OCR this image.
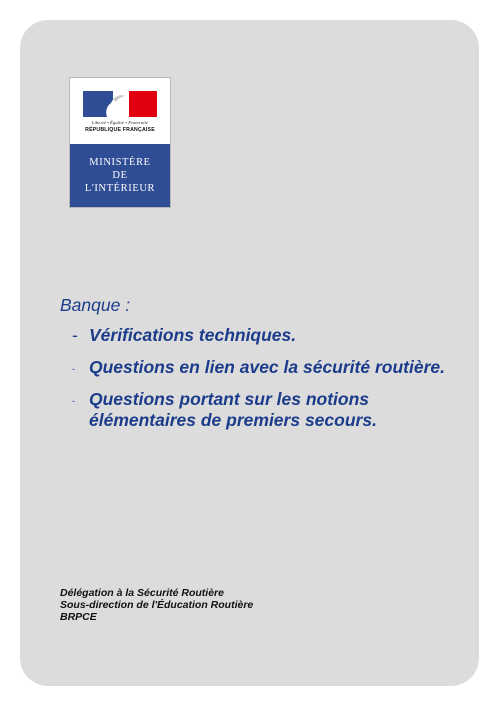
Liberté • Égalité • Fraternité
RÉPUBLIQUE FRANÇAISE
MINISTÈRE
DE
L'INTÉRIEUR
Banque :
- Vérifications techniques.
- Questions en lien avec la sécurité routière.
- Questions portant sur les notions élémentaires de premiers secours.
Délégation à la Sécurité Routière
Sous-direction de l'Éducation Routière
BRPCE
